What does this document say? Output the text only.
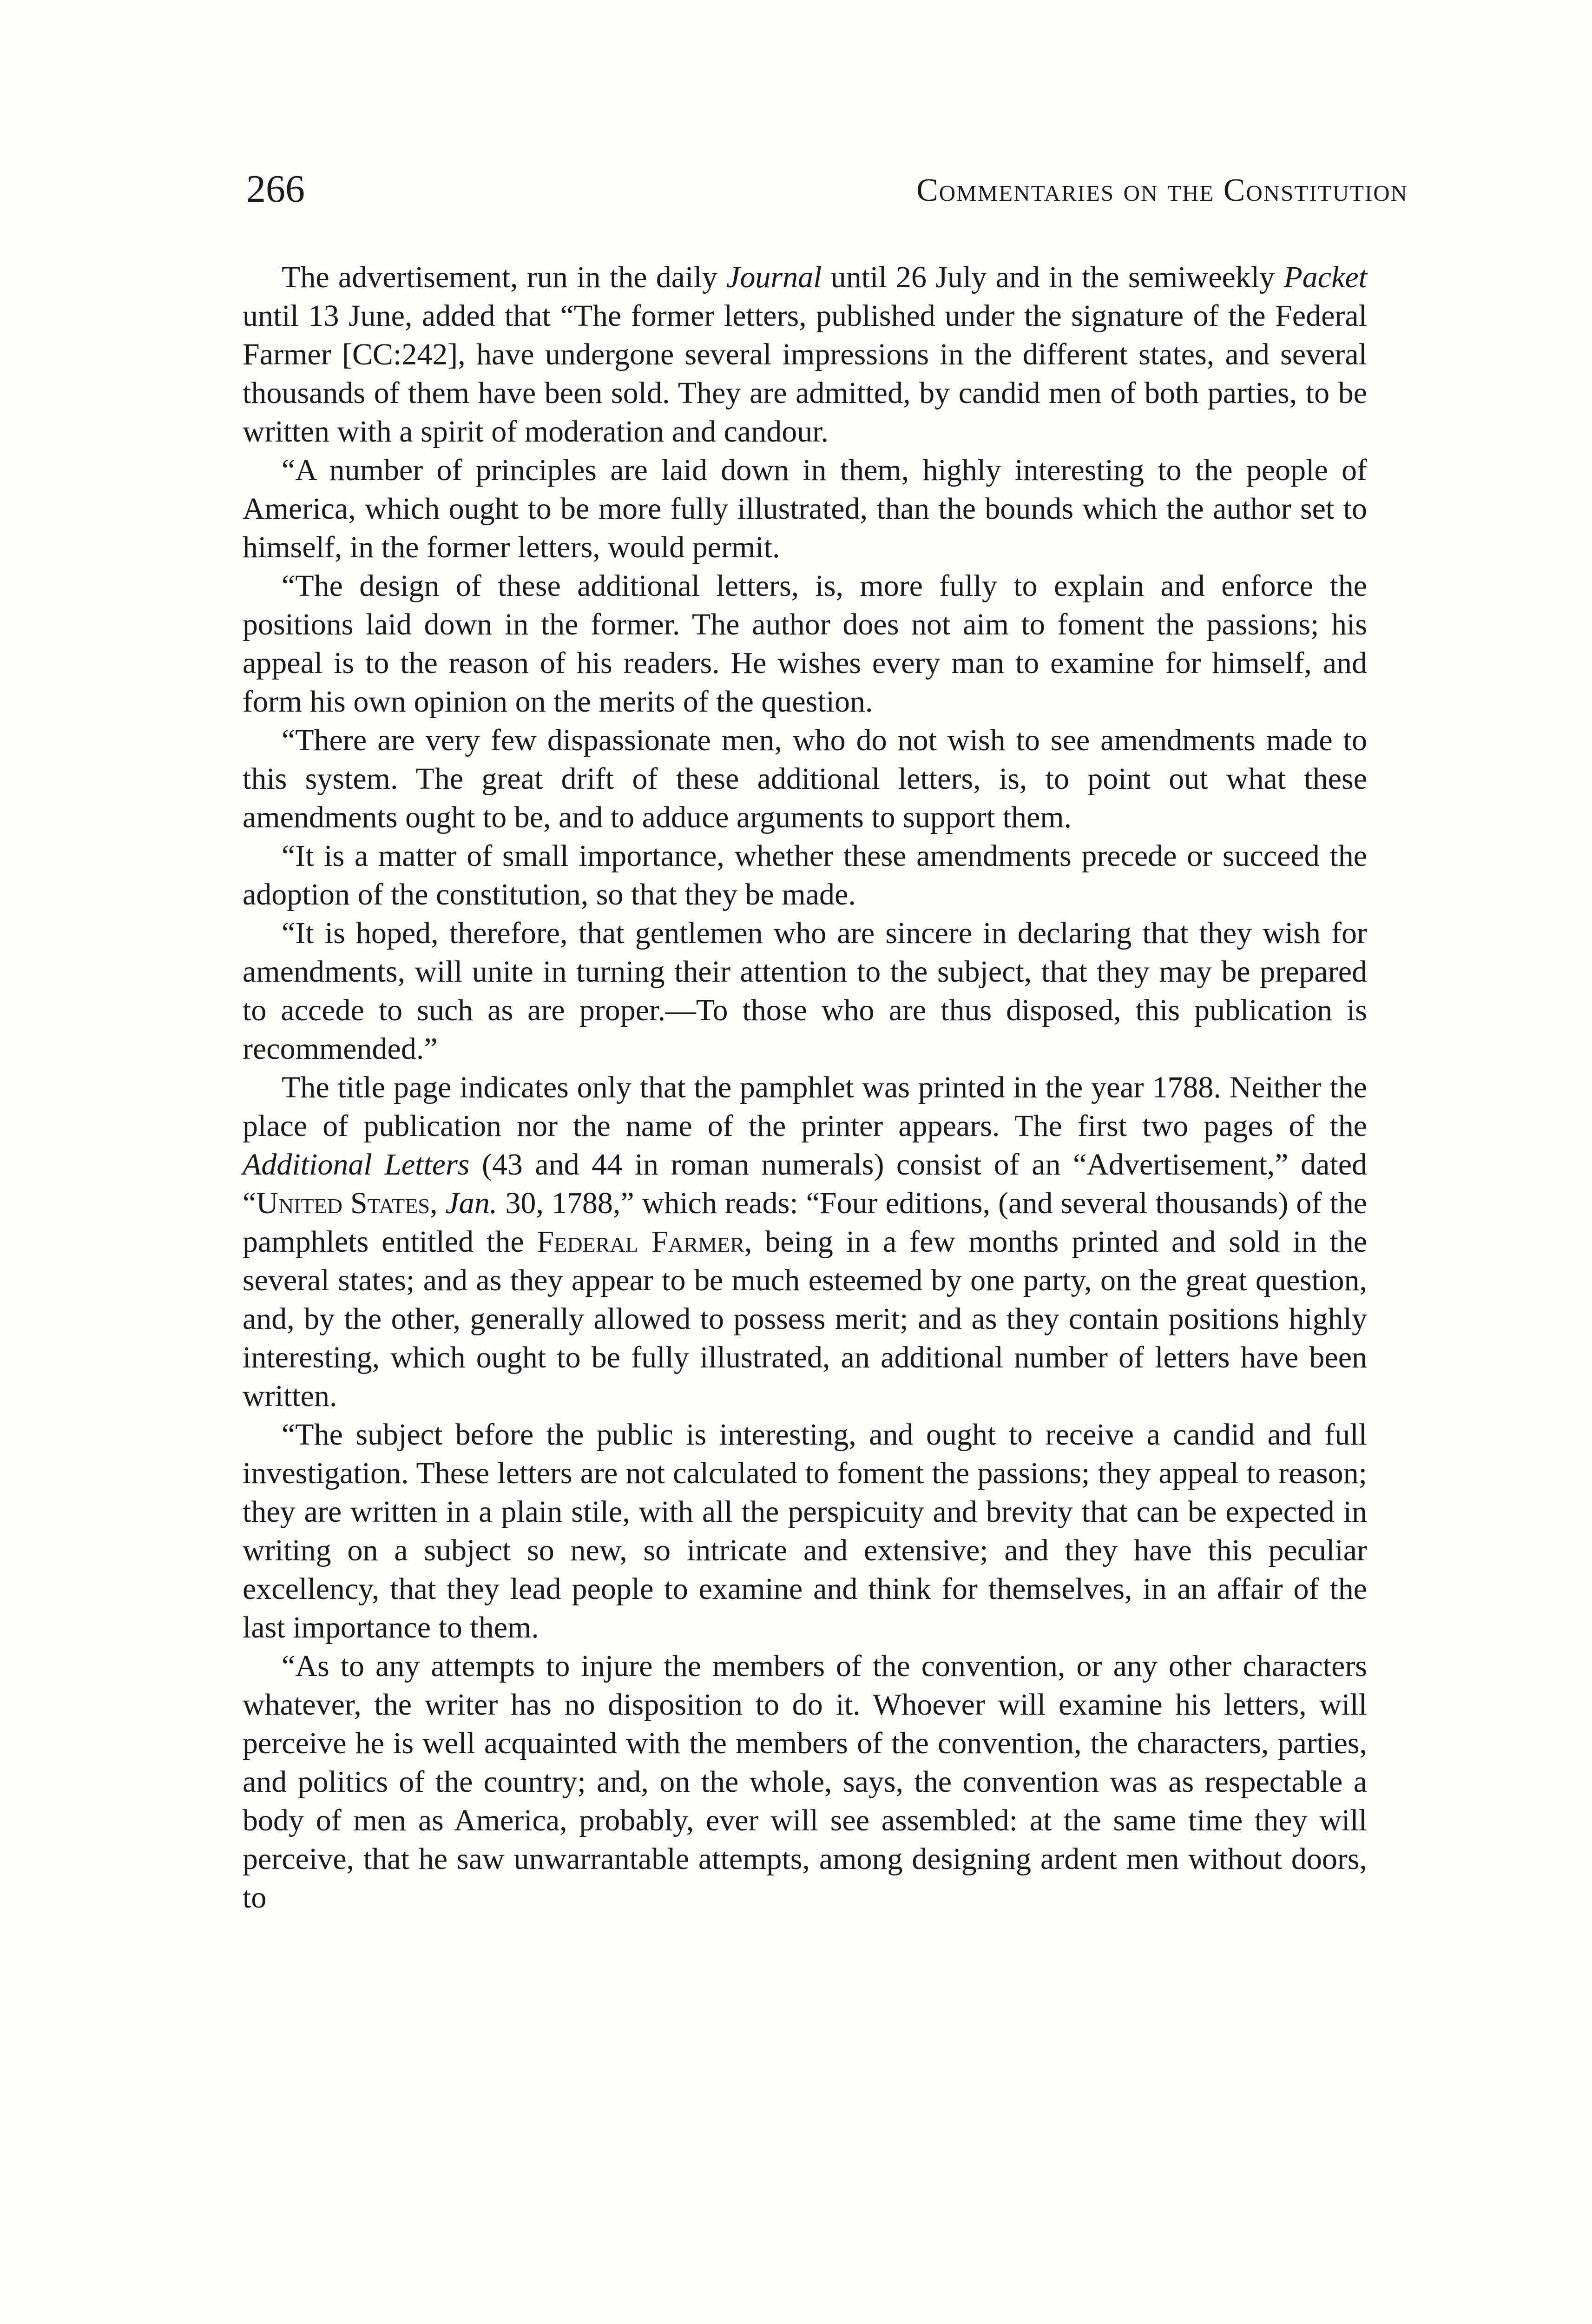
266	Commentaries on the Constitution

The advertisement, run in the daily Journal until 26 July and in the semiweekly Packet until 13 June, added that “The former letters, published under the signature of the Federal Farmer [CC:242], have undergone several impressions in the different states, and several thousands of them have been sold. They are admitted, by candid men of both parties, to be written with a spirit of moderation and candour.

“A number of principles are laid down in them, highly interesting to the people of America, which ought to be more fully illustrated, than the bounds which the author set to himself, in the former letters, would permit.

“The design of these additional letters, is, more fully to explain and enforce the positions laid down in the former. The author does not aim to foment the passions; his appeal is to the reason of his readers. He wishes every man to examine for himself, and form his own opinion on the merits of the question.

“There are very few dispassionate men, who do not wish to see amendments made to this system. The great drift of these additional letters, is, to point out what these amendments ought to be, and to adduce arguments to support them.

“It is a matter of small importance, whether these amendments precede or succeed the adoption of the constitution, so that they be made.

“It is hoped, therefore, that gentlemen who are sincere in declaring that they wish for amendments, will unite in turning their attention to the subject, that they may be prepared to accede to such as are proper.—To those who are thus disposed, this publication is recommended.”

The title page indicates only that the pamphlet was printed in the year 1788. Neither the place of publication nor the name of the printer appears. The first two pages of the Additional Letters (43 and 44 in roman numerals) consist of an “Advertisement,” dated “United States, Jan. 30, 1788,” which reads: “Four editions, (and several thousands) of the pamphlets entitled the Federal Farmer, being in a few months printed and sold in the several states; and as they appear to be much esteemed by one party, on the great question, and, by the other, generally allowed to possess merit; and as they contain positions highly interesting, which ought to be fully illustrated, an additional number of letters have been written.

“The subject before the public is interesting, and ought to receive a candid and full investigation. These letters are not calculated to foment the passions; they appeal to reason; they are written in a plain stile, with all the perspicuity and brevity that can be expected in writing on a subject so new, so intricate and extensive; and they have this peculiar excellency, that they lead people to examine and think for themselves, in an affair of the last importance to them.

“As to any attempts to injure the members of the convention, or any other characters whatever, the writer has no disposition to do it. Whoever will examine his letters, will perceive he is well acquainted with the members of the convention, the characters, parties, and politics of the country; and, on the whole, says, the convention was as respectable a body of men as America, probably, ever will see assembled: at the same time they will perceive, that he saw unwarrantable attempts, among designing ardent men without doors, to
